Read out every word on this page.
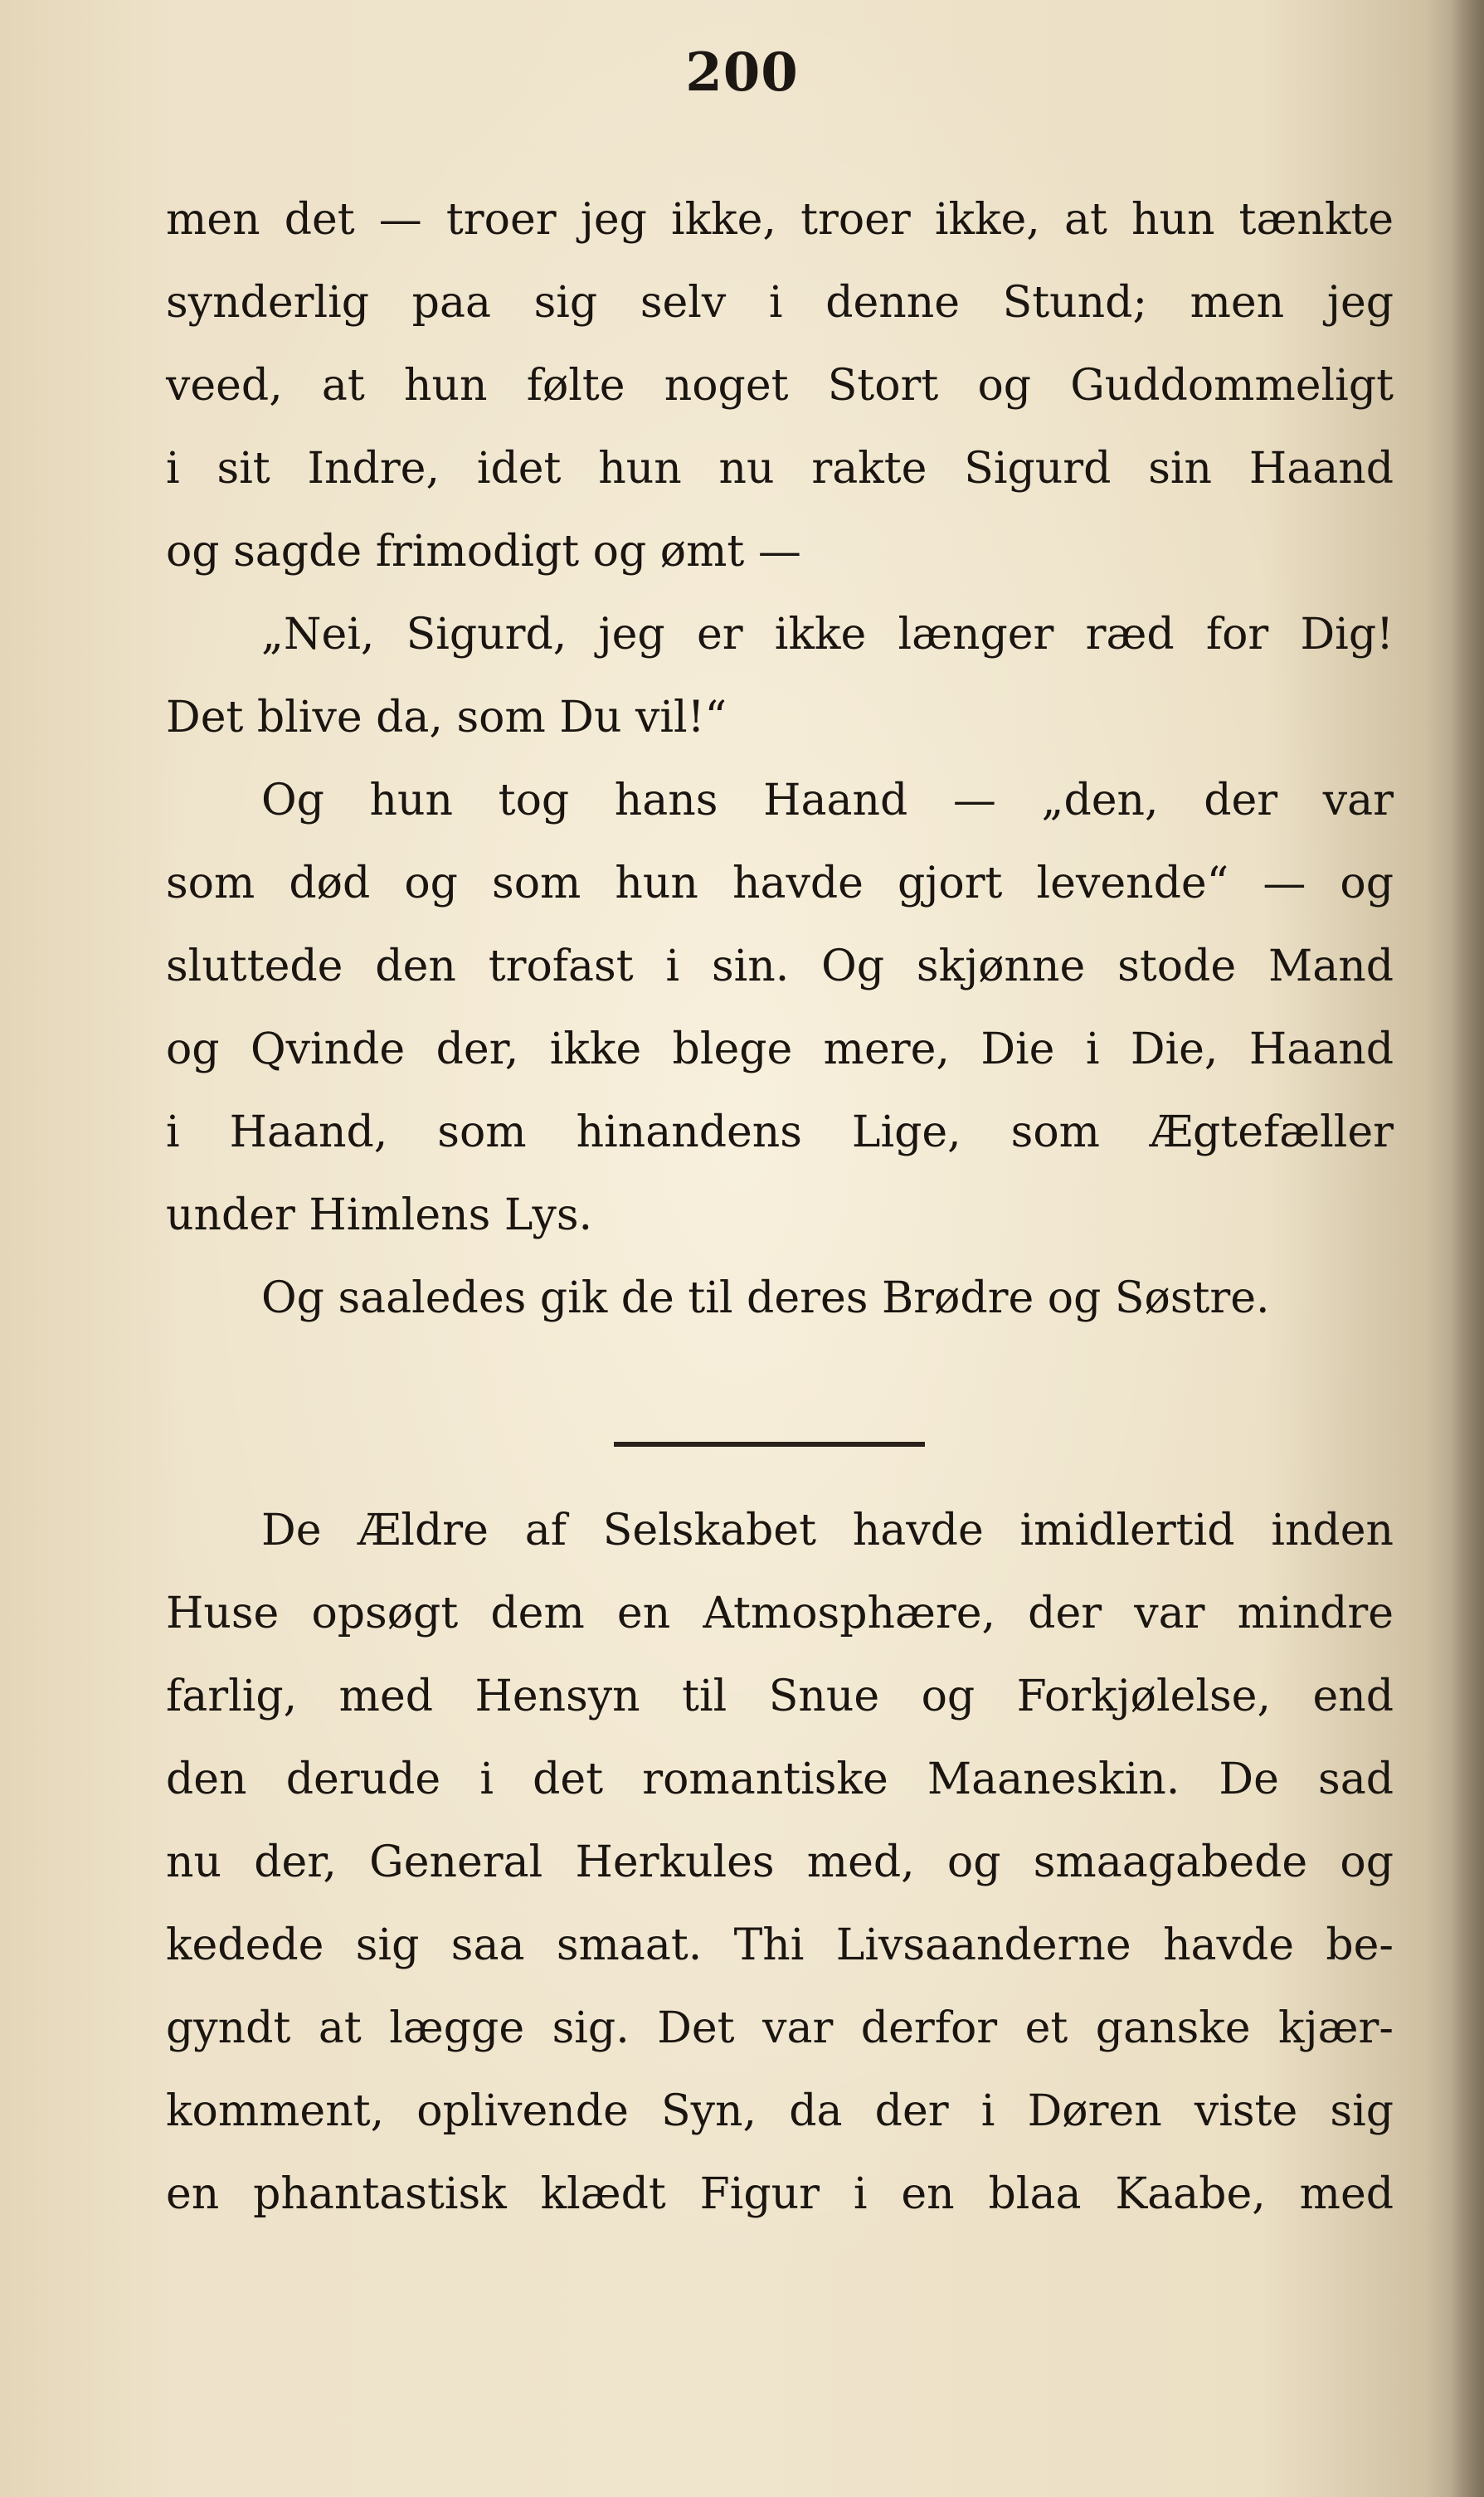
200
men det — troer jeg ikke, troer ikke, at hun tænkte
synderlig paa sig selv i denne Stund; men jeg
veed, at hun følte noget Stort og Guddommeligt
i sit Indre, idet hun nu rakte Sigurd sin Haand
og sagde frimodigt og ømt —
„Nei, Sigurd, jeg er ikke længer ræd for Dig!
Det blive da, som Du vil!“
Og hun tog hans Haand — „den, der var
som død og som hun havde gjort levende“ — og
sluttede den trofast i sin. Og skjønne stode Mand
og Qvinde der, ikke blege mere, Die i Die, Haand
i Haand, som hinandens Lige, som Ægtefæller
under Himlens Lys.
Og saaledes gik de til deres Brødre og Søstre.
De Ældre af Selskabet havde imidlertid inden
Huse opsøgt dem en Atmosphære, der var mindre
farlig, med Hensyn til Snue og Forkjølelse, end
den derude i det romantiske Maaneskin. De sad
nu der, General Herkules med, og smaagabede og
kedede sig saa smaat. Thi Livsaanderne havde be-
gyndt at lægge sig. Det var derfor et ganske kjær-
komment, oplivende Syn, da der i Døren viste sig
en phantastisk klædt Figur i en blaa Kaabe, med
